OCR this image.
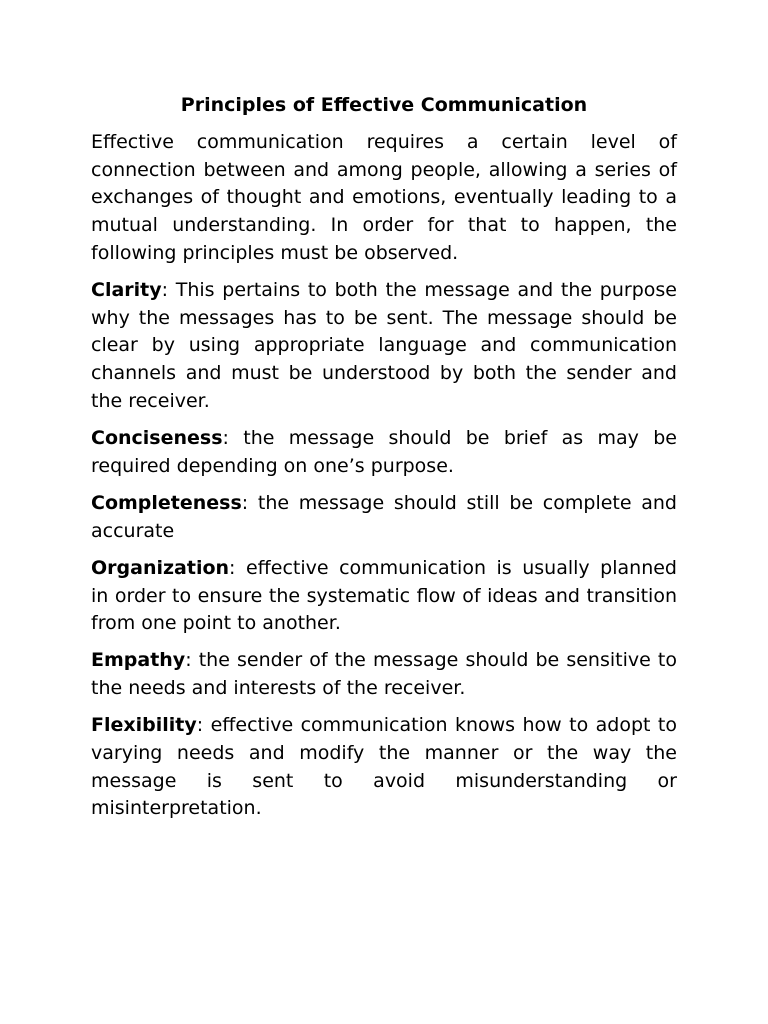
Principles of Effective Communication

Effective communication requires a certain level of connection between and among people, allowing a series of exchanges of thought and emotions, eventually leading to a mutual understanding. In order for that to happen, the following principles must be observed.

Clarity: This pertains to both the message and the purpose why the messages has to be sent. The message should be clear by using appropriate language and communication channels and must be understood by both the sender and the receiver.

Conciseness: the message should be brief as may be required depending on one’s purpose.

Completeness: the message should still be complete and accurate

Organization: effective communication is usually planned in order to ensure the systematic flow of ideas and transition from one point to another.

Empathy: the sender of the message should be sensitive to the needs and interests of the receiver.

Flexibility: effective communication knows how to adopt to varying needs and modify the manner or the way the message is sent to avoid misunderstanding or misinterpretation.
